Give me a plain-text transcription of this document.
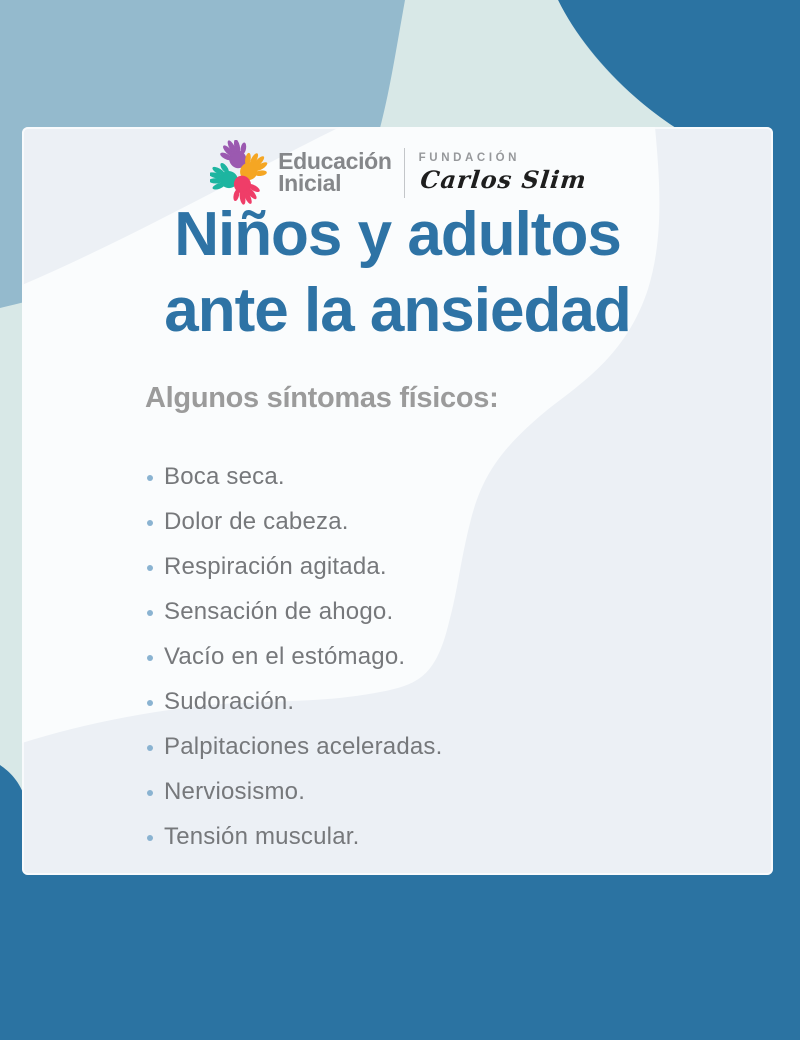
Educación
Inicial
FUNDACIÓN
Carlos Slim
Niños y adultos
ante la ansiedad
Algunos síntomas físicos:
Boca seca.
Dolor de cabeza.
Respiración agitada.
Sensación de ahogo.
Vacío en el estómago.
Sudoración.
Palpitaciones aceleradas.
Nerviosismo.
Tensión muscular.
